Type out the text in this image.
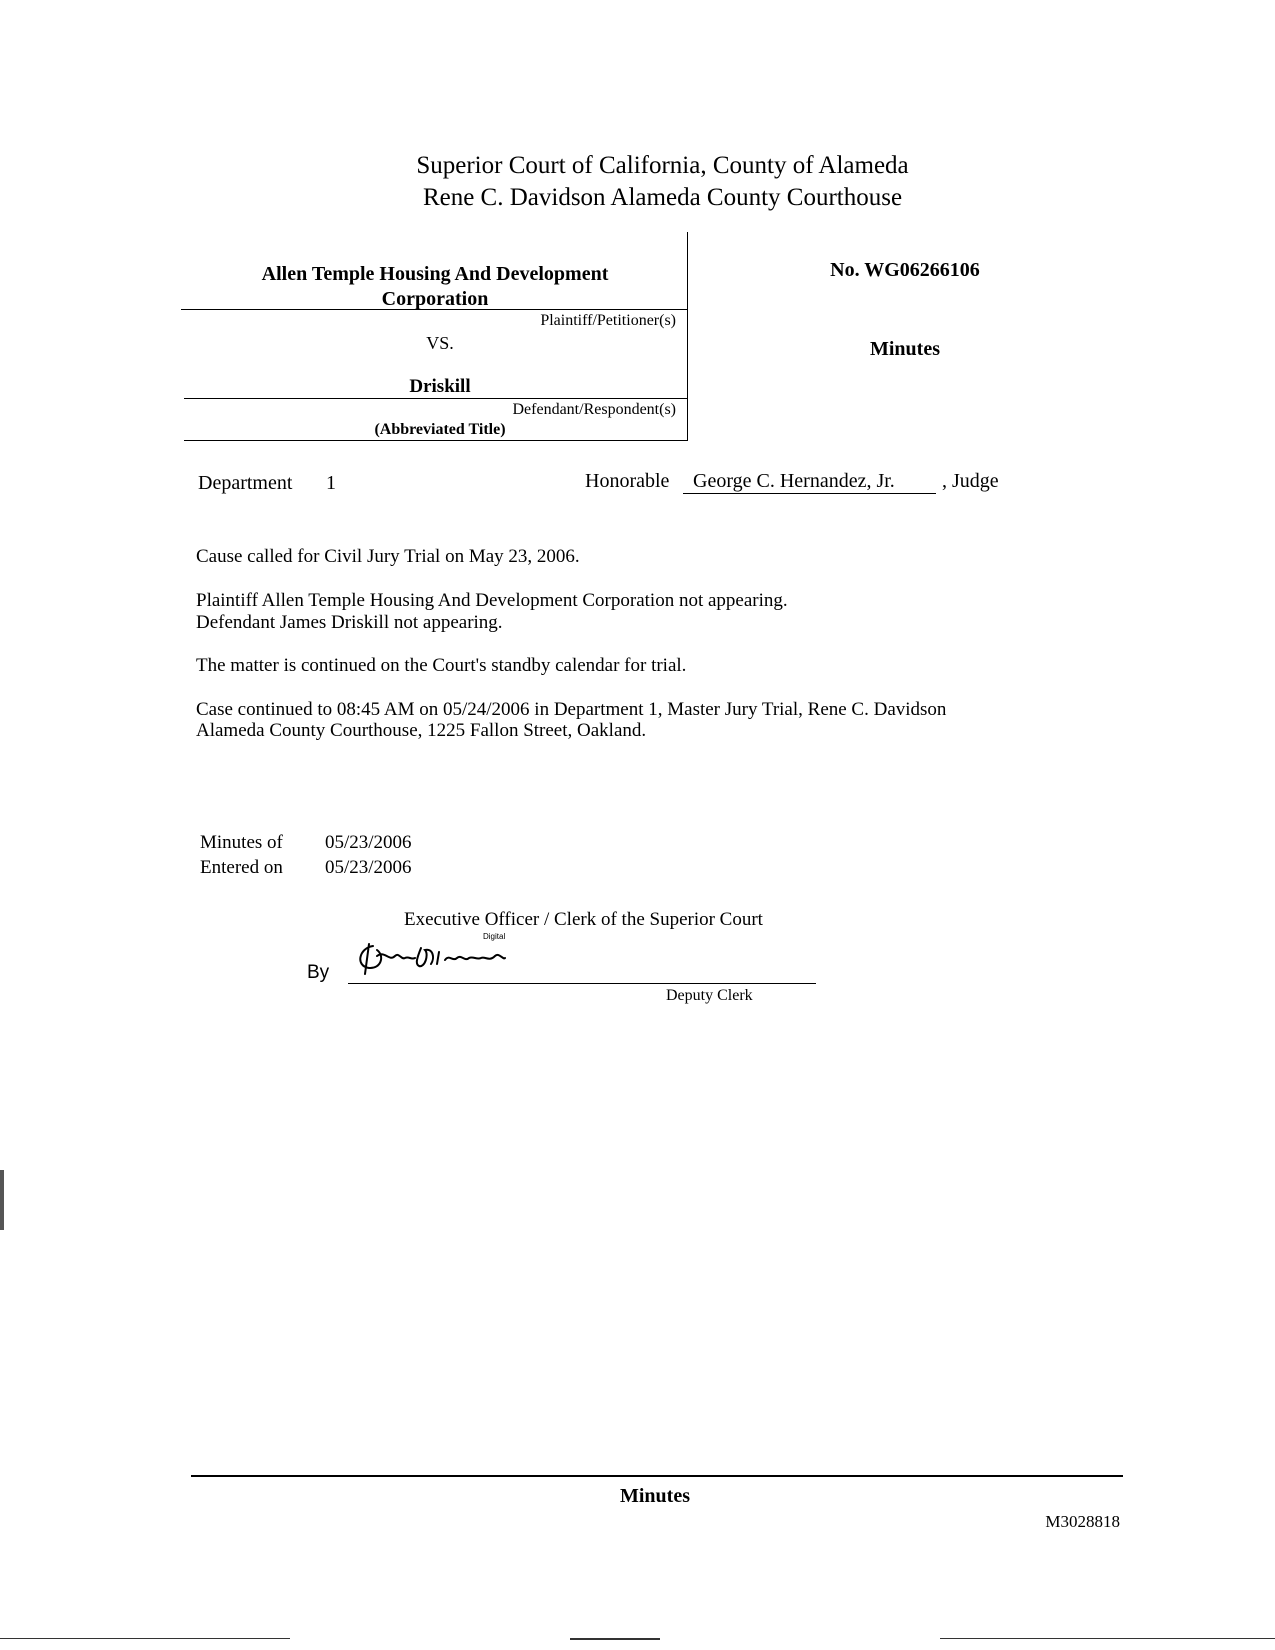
Superior Court of California, County of Alameda
Rene C. Davidson Alameda County Courthouse
Allen Temple Housing And Development Corporation
Plaintiff/Petitioner(s)
VS.
Driskill
Defendant/Respondent(s)
(Abbreviated Title)
No. WG06266106
Minutes
Department 1	Honorable	George C. Hernandez, Jr.	, Judge
Cause called for Civil Jury Trial on May 23, 2006.
Plaintiff Allen Temple Housing And Development Corporation not appearing.
Defendant James Driskill not appearing.
The matter is continued on the Court's standby calendar for trial.
Case continued to 08:45 AM on 05/24/2006 in Department 1, Master Jury Trial, Rene C. Davidson
Alameda County Courthouse, 1225 Fallon Street, Oakland.
Minutes of 05/23/2006
Entered on 05/23/2006
Executive Officer / Clerk of the Superior Court
Digital
By
Deputy Clerk
Minutes
M3028818
